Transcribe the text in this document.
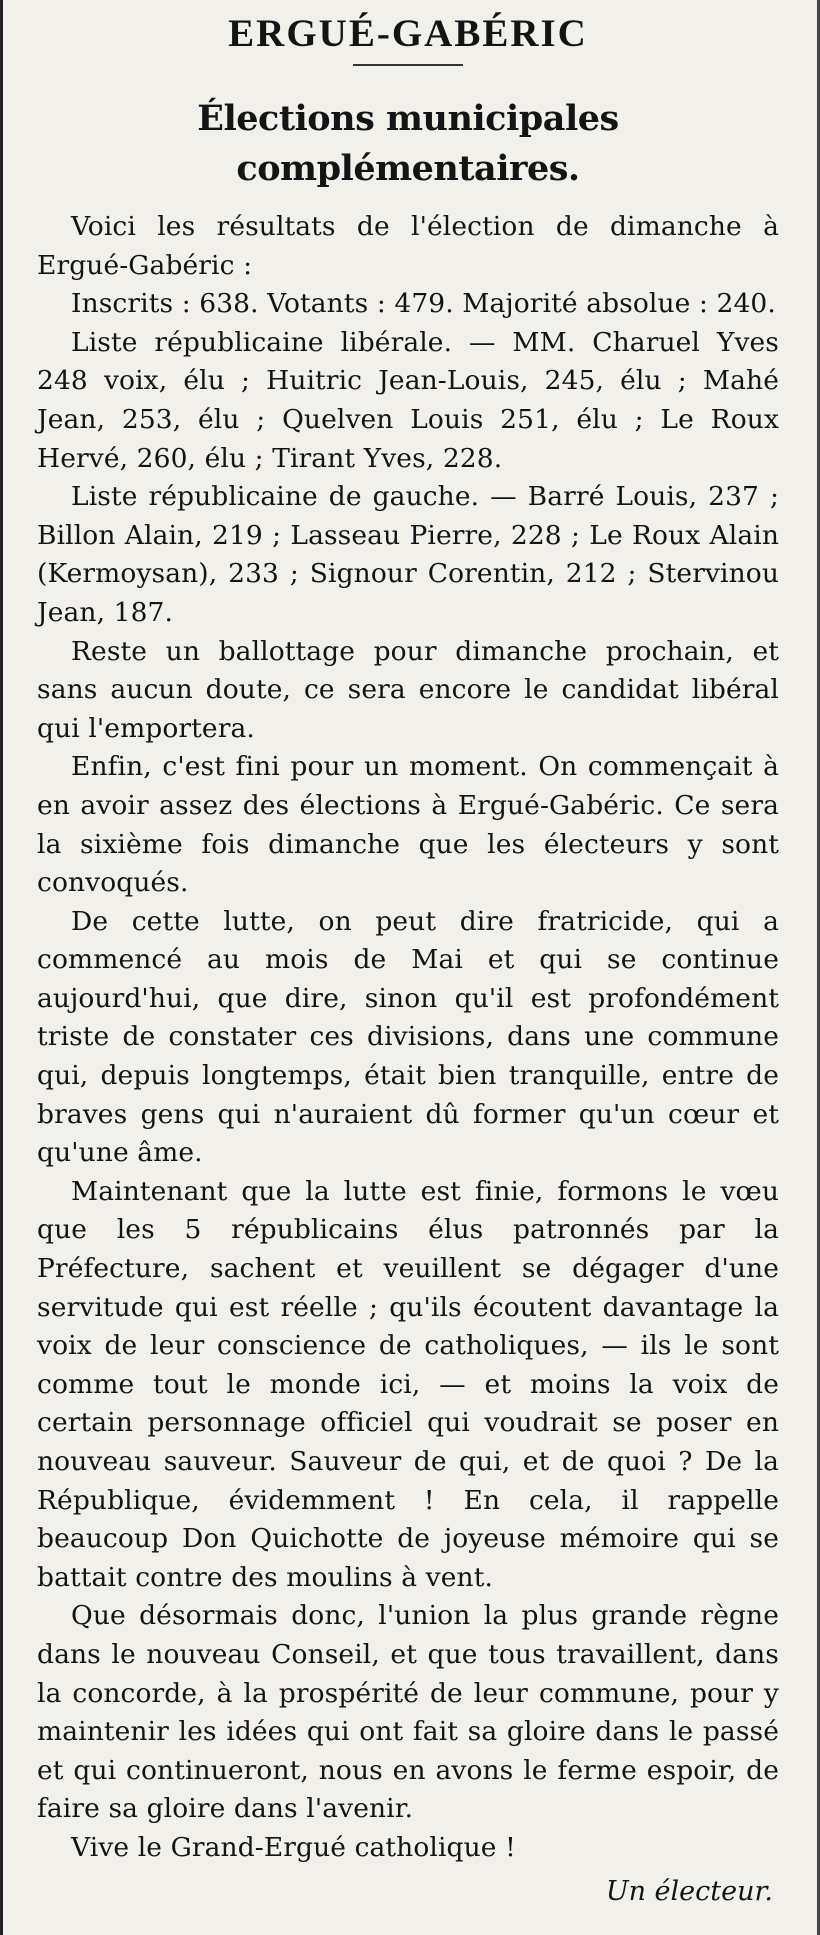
ERGUÉ-GABÉRIC
Élections municipales complémentaires.

Voici les résultats de l'élection de dimanche à Ergué-Gabéric :

Inscrits : 638. Votants : 479. Majorité absolue : 240.

Liste républicaine libérale. — MM. Charuel Yves 248 voix, élu ; Huitric Jean-Louis, 245, élu ; Mahé Jean, 253, élu ; Quelven Louis 251, élu ; Le Roux Hervé, 260, élu ; Tirant Yves, 228.

Liste républicaine de gauche. — Barré Louis, 237 ; Billon Alain, 219 ; Lasseau Pierre, 228 ; Le Roux Alain (Kermoysan), 233 ; Signour Corentin, 212 ; Stervinou Jean, 187.

Reste un ballottage pour dimanche prochain, et sans aucun doute, ce sera encore le candidat libéral qui l'emportera.

Enfin, c'est fini pour un moment. On commençait à en avoir assez des élections à Ergué-Gabéric. Ce sera la sixième fois dimanche que les électeurs y sont convoqués.

De cette lutte, on peut dire fratricide, qui a commencé au mois de Mai et qui se continue aujourd'hui, que dire, sinon qu'il est profondément triste de constater ces divisions, dans une commune qui, depuis longtemps, était bien tranquille, entre de braves gens qui n'auraient dû former qu'un cœur et qu'une âme.

Maintenant que la lutte est finie, formons le vœu que les 5 républicains élus patronnés par la Préfecture, sachent et veuillent se dégager d'une servitude qui est réelle ; qu'ils écoutent davantage la voix de leur conscience de catholiques, — ils le sont comme tout le monde ici, — et moins la voix de certain personnage officiel qui voudrait se poser en nouveau sauveur. Sauveur de qui, et de quoi ? De la République, évidemment ! En cela, il rappelle beaucoup Don Quichotte de joyeuse mémoire qui se battait contre des moulins à vent.

Que désormais donc, l'union la plus grande règne dans le nouveau Conseil, et que tous travaillent, dans la concorde, à la prospérité de leur commune, pour y maintenir les idées qui ont fait sa gloire dans le passé et qui continueront, nous en avons le ferme espoir, de faire sa gloire dans l'avenir.

Vive le Grand-Ergué catholique !

Un électeur.
